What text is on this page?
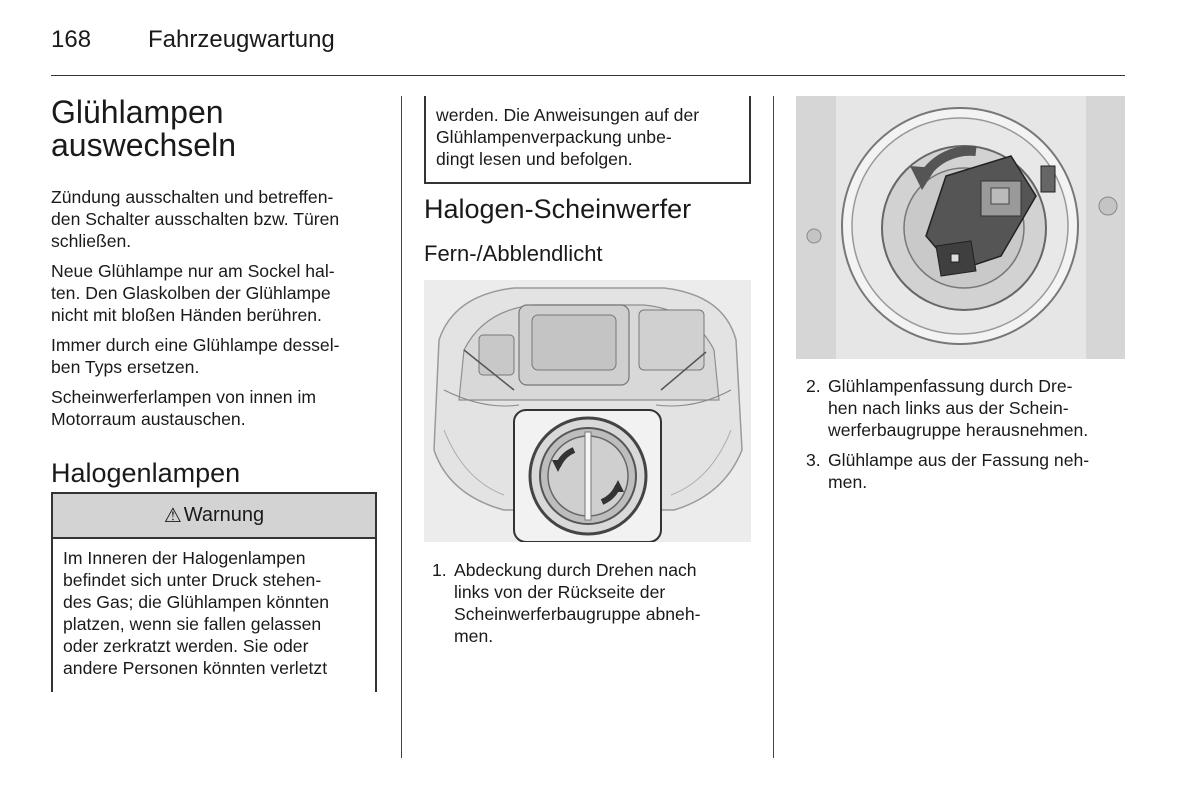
168 Fahrzeugwartung
Glühlampen
auswechseln

Zündung ausschalten und betreffen-
den Schalter ausschalten bzw. Türen
schließen.

Neue Glühlampe nur am Sockel hal-
ten. Den Glaskolben der Glühlampe
nicht mit bloßen Händen berühren.

Immer durch eine Glühlampe dessel-
ben Typs ersetzen.

Scheinwerferlampen von innen im
Motorraum austauschen.

Halogenlampen
⚠ Warnung
Im Inneren der Halogenlampen
befindet sich unter Druck stehen-
des Gas; die Glühlampen könnten
platzen, wenn sie fallen gelassen
oder zerkratzt werden. Sie oder
andere Personen könnten verletzt
werden. Die Anweisungen auf der
Glühlampenverpackung unbe-
dingt lesen und befolgen.
Halogen-Scheinwerfer
Fern-/Abblendlicht
1. Abdeckung durch Drehen nach
links von der Rückseite der
Scheinwerferbaugruppe abneh-
men.
2. Glühlampenfassung durch Dre-
hen nach links aus der Schein-
werferbaugruppe herausnehmen.
3. Glühlampe aus der Fassung neh-
men.
